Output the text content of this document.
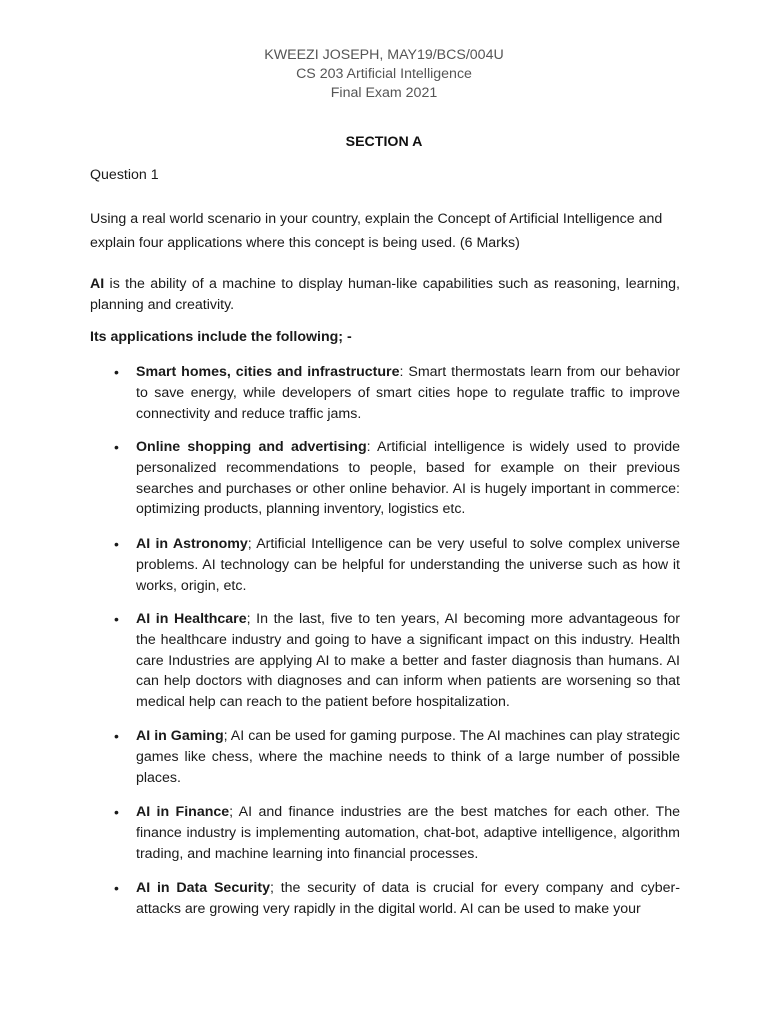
KWEEZI JOSEPH, MAY19/BCS/004U
CS 203 Artificial Intelligence
Final Exam 2021
SECTION A
Question 1
Using a real world scenario in your country, explain the Concept of Artificial Intelligence and explain four applications where this concept is being used. (6 Marks)
AI is the ability of a machine to display human-like capabilities such as reasoning, learning, planning and creativity.
Its applications include the following; -
•	Smart homes, cities and infrastructure: Smart thermostats learn from our behavior to save energy, while developers of smart cities hope to regulate traffic to improve connectivity and reduce traffic jams.
•	Online shopping and advertising: Artificial intelligence is widely used to provide personalized recommendations to people, based for example on their previous searches and purchases or other online behavior. AI is hugely important in commerce: optimizing products, planning inventory, logistics etc.
•	AI in Astronomy; Artificial Intelligence can be very useful to solve complex universe problems. AI technology can be helpful for understanding the universe such as how it works, origin, etc.
•	AI in Healthcare; In the last, five to ten years, AI becoming more advantageous for the healthcare industry and going to have a significant impact on this industry. Health care Industries are applying AI to make a better and faster diagnosis than humans. AI can help doctors with diagnoses and can inform when patients are worsening so that medical help can reach to the patient before hospitalization.
•	AI in Gaming; AI can be used for gaming purpose. The AI machines can play strategic games like chess, where the machine needs to think of a large number of possible places.
•	AI in Finance; AI and finance industries are the best matches for each other. The finance industry is implementing automation, chat-bot, adaptive intelligence, algorithm trading, and machine learning into financial processes.
•	AI in Data Security; the security of data is crucial for every company and cyber-attacks are growing very rapidly in the digital world. AI can be used to make your
